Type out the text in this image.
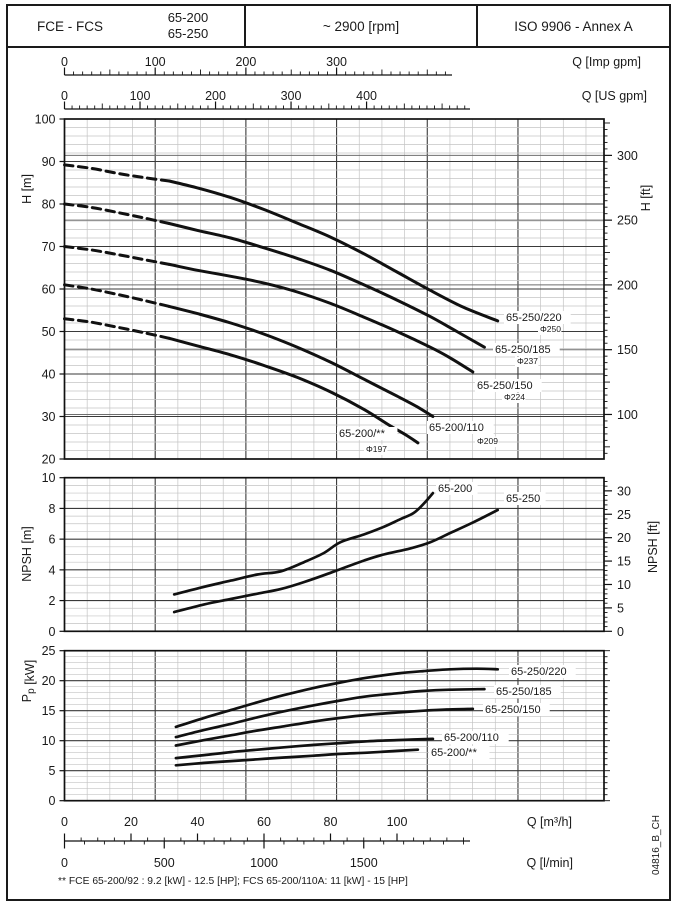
FCE - FCS
65-200
65-250	~ 2900 [rpm]	ISO 9906 - Annex A
0	100	200	300	Q [Imp gpm]
0	100	200	300	400	Q [US gpm]
0	20	40	60	80	100	Q [m³/h]
0	500	1000	1500	Q [l/min]
20
30
40
50
60
70
80
90
100
100
150
200
250
300
H [m]	H [ft]
65-250/220
Φ250
65-250/185
Φ237
65-250/150
Φ224
65-200/110
Φ209
65-200/**
Φ197
0
2
4
6
8
10
0
5
10
15
20
25
30
NPSH [m]	NPSH [ft]
65-200
65-250
0
5
10
15
20
25
$P_p$ [kW]	65-250/220
65-250/185
65-250/150
65-200/110
65-200/**
** FCE 65-200/92 : 9.2 [kW] - 12.5 [HP]; FCS 65-200/110A: 11 [kW] - 15 [HP]
04816_B_CH
